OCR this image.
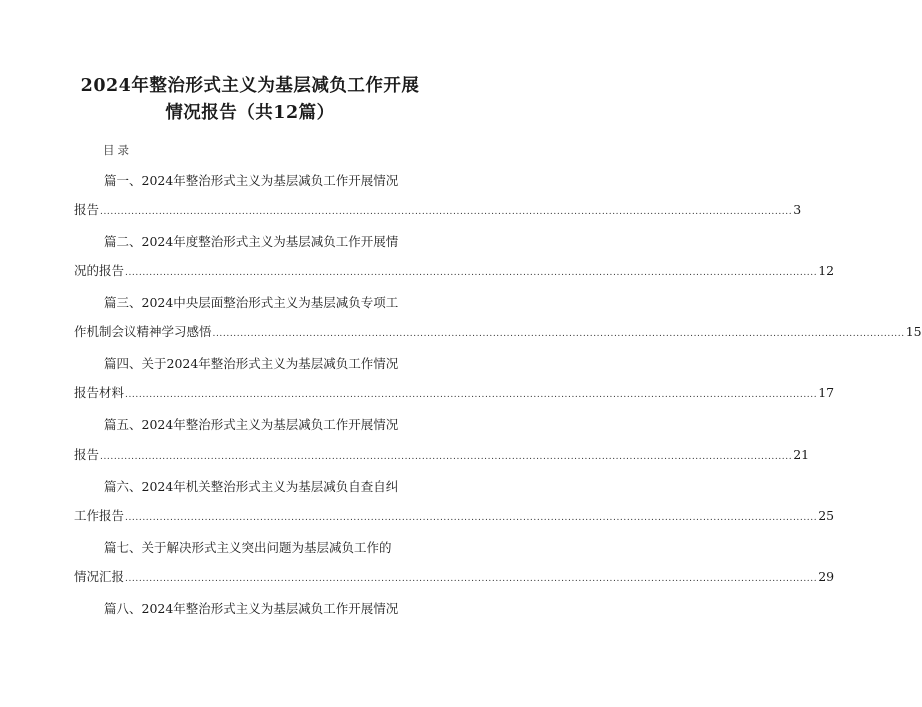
2024年整治形式主义为基层减负工作开展
情况报告（共12篇）
目录
篇一、2024年整治形式主义为基层减负工作开展情况
报告 ........................................................................................................................................................................................................ 3
篇二、2024年度整治形式主义为基层减负工作开展情
况的报告 ........................................................................................................................................................................................................ 12
篇三、2024中央层面整治形式主义为基层减负专项工
作机制会议精神学习感悟 ........................................................................................................................................................................................................ 15
篇四、关于2024年整治形式主义为基层减负工作情况
报告材料 ........................................................................................................................................................................................................ 17
篇五、2024年整治形式主义为基层减负工作开展情况
报告 ........................................................................................................................................................................................................ 21
篇六、2024年机关整治形式主义为基层减负自查自纠
工作报告 ........................................................................................................................................................................................................ 25
篇七、关于解决形式主义突出问题为基层减负工作的
情况汇报 ........................................................................................................................................................................................................ 29
篇八、2024年整治形式主义为基层减负工作开展情况
